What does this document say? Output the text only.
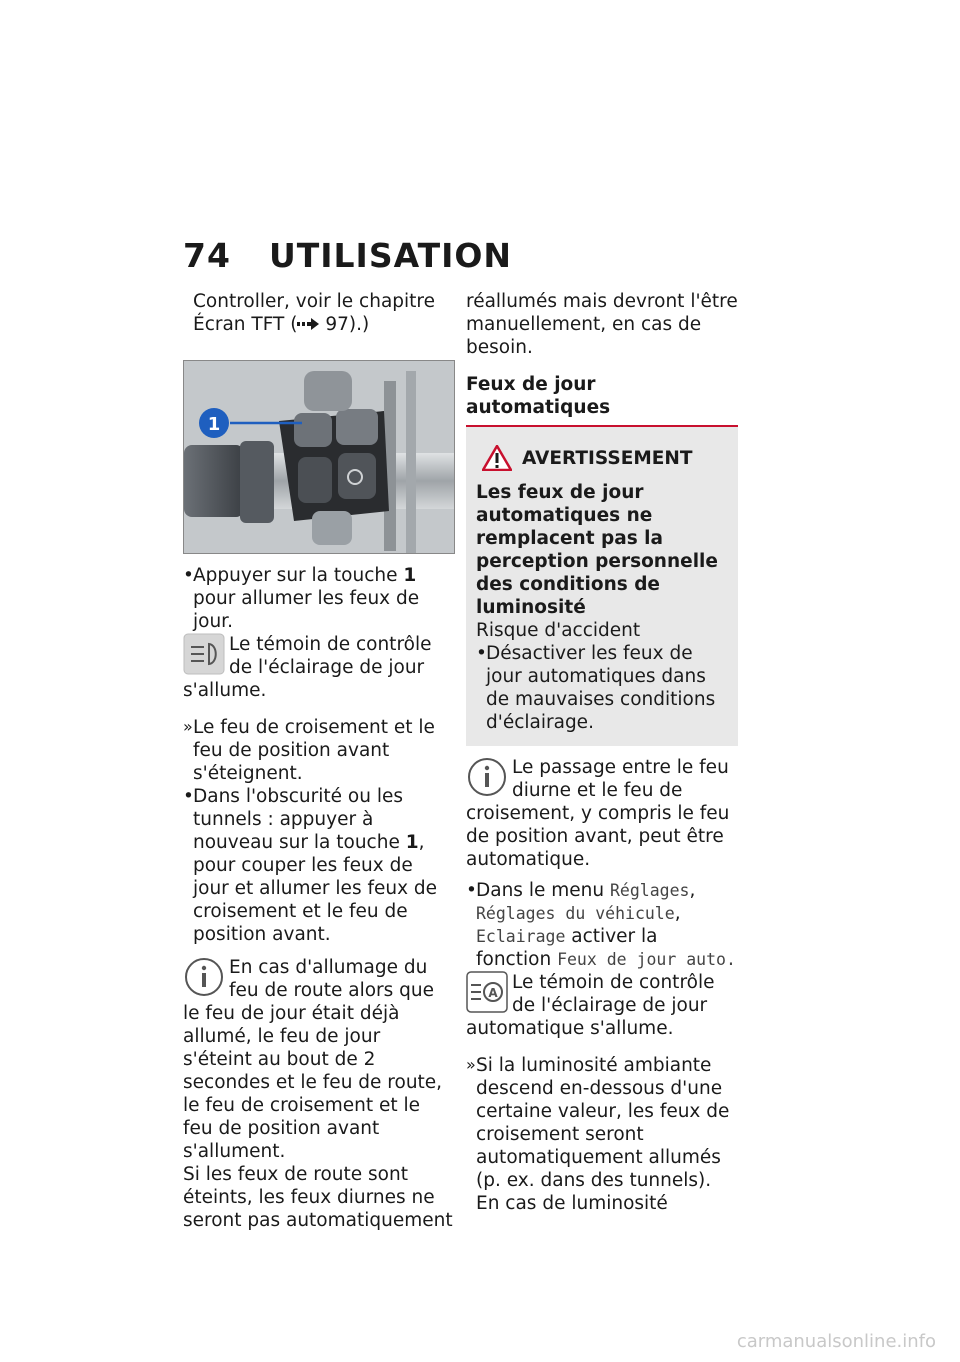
74 UTILISATION

Controller, voir le chapitre
Écran TFT ( 97).)

1
• Appuyer sur la touche 1 pour allumer les feux de jour.
Le témoin de contrôle de l'éclairage de jour s'allume.
» Le feu de croisement et le feu de position avant s'éteignent.
• Dans l'obscurité ou les tunnels : appuyer à nouveau sur la touche 1, pour couper les feux de jour et allumer les feux de croisement et le feu de position avant.
En cas d'allumage du feu de route alors que le feu de jour était déjà allumé, le feu de jour s'éteint au bout de 2 secondes et le feu de route, le feu de croisement et le feu de position avant s'allument.

Si les feux de route sont éteints, les feux diurnes ne seront pas automatiquement

réallumés mais devront l'être manuellement, en cas de besoin.

Feux de jour automatiques
AVERTISSEMENT
Les feux de jour automatiques ne remplacent pas la perception personnelle des conditions de luminosité
Risque d'accident
• Désactiver les feux de jour automatiques dans de mauvaises conditions d'éclairage.
Le passage entre le feu diurne et le feu de croisement, y compris le feu de position avant, peut être automatique.
• Dans le menu Réglages, Réglages du véhicule, Eclairage activer la fonction Feux de jour auto.
A Le témoin de contrôle de l'éclairage de jour automatique s'allume.
» Si la luminosité ambiante descend en-dessous d'une certaine valeur, les feux de croisement seront automatiquement allumés (p. ex. dans des tunnels). En cas de luminosité
carmanualsonline.info
